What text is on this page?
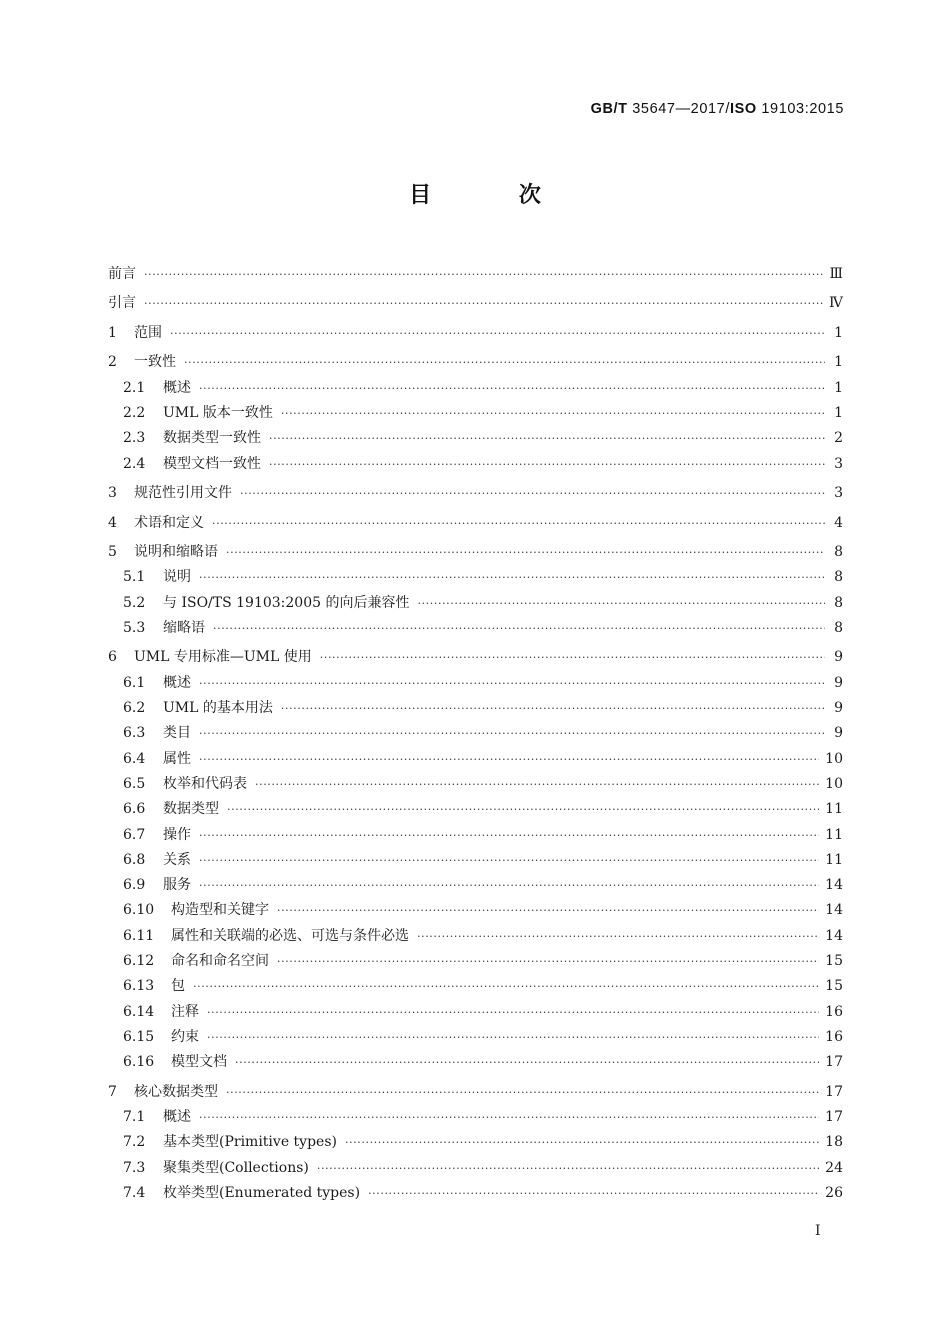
GB/T 35647—2017/ISO 19103:2015
目 次
前言 ·····	Ⅲ
引言 ·····	Ⅳ
1	范围 ·····	1
2	一致性 ·····	1
2.1	概述 ·····	1
2.2	UML 版本一致性 ·····	1
2.3	数据类型一致性 ·····	2
2.4	模型文档一致性 ·····	3
3	规范性引用文件 ·····	3
4	术语和定义 ·····	4
5	说明和缩略语 ·····	8
5.1	说明 ·····	8
5.2	与 ISO/TS 19103:2005 的向后兼容性 ·····	8
5.3	缩略语 ·····	8
6	UML 专用标准—UML 使用 ·····	9
6.1	概述 ·····	9
6.2	UML 的基本用法 ·····	9
6.3	类目 ·····	9
6.4	属性 ·····	10
6.5	枚举和代码表 ·····	10
6.6	数据类型 ·····	11
6.7	操作 ·····	11
6.8	关系 ·····	11
6.9	服务 ·····	14
6.10	构造型和关键字 ·····	14
6.11	属性和关联端的必选、可选与条件必选 ·····	14
6.12	命名和命名空间 ·····	15
6.13	包 ·····	15
6.14	注释 ·····	16
6.15	约束 ·····	16
6.16	模型文档 ·····	17
7	核心数据类型 ·····	17
7.1	概述 ·····	17
7.2	基本类型(Primitive types) ·····	18
7.3	聚集类型(Collections) ·····	24
7.4	枚举类型(Enumerated types) ·····	26
I
